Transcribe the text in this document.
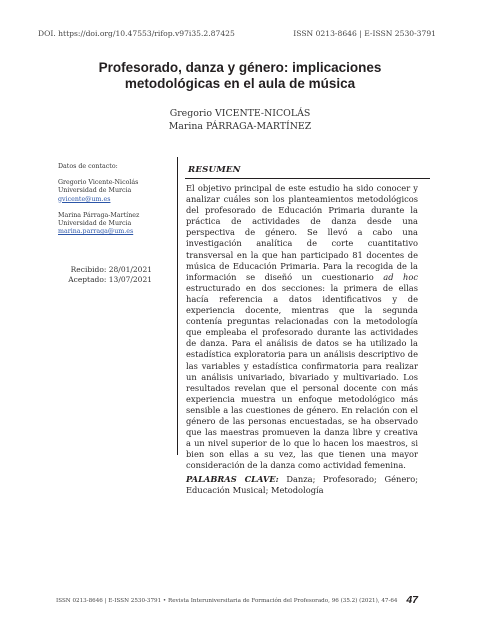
DOI. https://doi.org/10.47553/rifop.v97i35.2.87425	ISSN 0213-8646 | E-ISSN 2530-3791
Profesorado, danza y género: implicaciones metodológicas en el aula de música
Gregorio VICENTE-NICOLÁS
Marina PÁRRAGA-MARTÍNEZ
Datos de contacto:
Gregorio Vicente-Nicolás
Universidad de Murcia
gvicente@um.es
Marina Párraga-Martínez
Universidad de Murcia
marina.parraga@um.es
Recibido: 28/01/2021
Aceptado: 13/07/2021
RESUMEN
El objetivo principal de este estudio ha sido conocer y analizar cuáles son los planteamientos metodológicos del profesorado de Educación Primaria durante la práctica de actividades de danza desde una perspectiva de género. Se llevó a cabo una investigación analítica de corte cuantitativo transversal en la que han participado 81 docentes de música de Educación Primaria. Para la recogida de la información se diseñó un cuestionario ad hoc estructurado en dos secciones: la primera de ellas hacía referencia a datos identificativos y de experiencia docente, mientras que la segunda contenía preguntas relacionadas con la metodología que empleaba el profesorado durante las actividades de danza. Para el análisis de datos se ha utilizado la estadística exploratoria para un análisis descriptivo de las variables y estadística confirmatoria para realizar un análisis univariado, bivariado y multivariado. Los resultados revelan que el personal docente con más experiencia muestra un enfoque metodológico más sensible a las cuestiones de género. En relación con el género de las personas encuestadas, se ha observado que las maestras promueven la danza libre y creativa a un nivel superior de lo que lo hacen los maestros, si bien son ellas a su vez, las que tienen una mayor consideración de la danza como actividad femenina.
PALABRAS CLAVE: Danza; Profesorado; Género; Educación Musical; Metodología
ISSN 0213-8646 | E-ISSN 2530-3791 • Revista Interuniversitaria de Formación del Profesorado, 96 (35.2) (2021), 47-64 47
